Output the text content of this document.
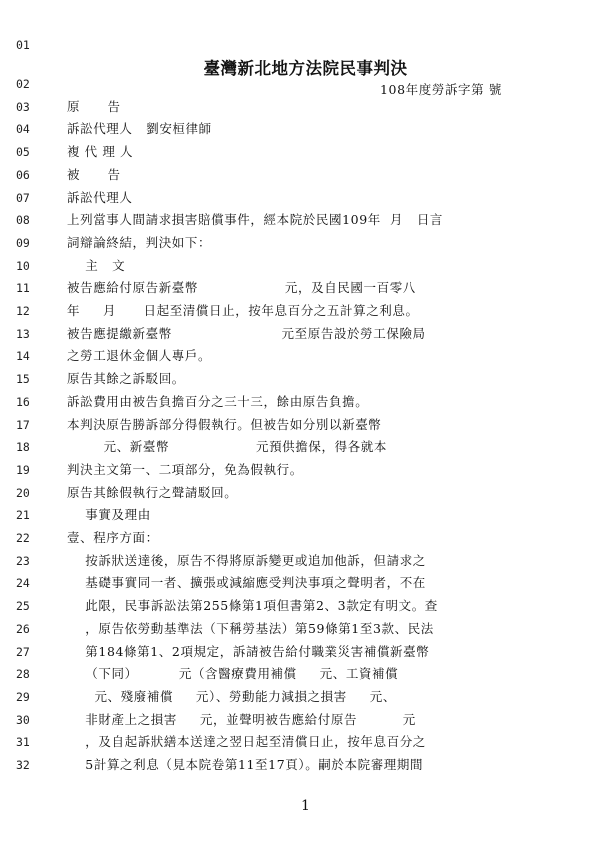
01
臺灣新北地方法院民事判決
108年度勞訴字第 號
02
03	原      告
04	訴訟代理人   劉安桓律師
05	複 代 理 人
06	被      告
07	訴訟代理人
08	上列當事人間請求損害賠償事件，經本院於民國109年  月   日言
09	詞辯論終結，判決如下：
10	主   文
11	被告應給付原告新臺幣                   元，及自民國一百零八
12	年     月      日起至清償日止，按年息百分之五計算之利息。
13	被告應提繳新臺幣                        元至原告設於勞工保險局
14	之勞工退休金個人專戶。
15	原告其餘之訴駁回。
16	訴訟費用由被告負擔百分之三十三，餘由原告負擔。
17	本判決原告勝訴部分得假執行。但被告如分別以新臺幣
18	元、新臺幣                   元預供擔保，得各就本
19	判決主文第一、二項部分，免為假執行。
20	原告其餘假執行之聲請駁回。
21	事實及理由
22	壹、程序方面：
23	按訴狀送達後，原告不得將原訴變更或追加他訴，但請求之
24	基礎事實同一者、擴張或減縮應受判決事項之聲明者，不在
25	此限，民事訴訟法第255條第1項但書第2、3款定有明文。查
26	，原告依勞動基準法（下稱勞基法）第59條第1至3款、民法
27	第184條第1、2項規定，訴請被告給付職業災害補償新臺幣
28	（下同）         元（含醫療費用補償     元、工資補償
29	元、殘廢補償     元）、勞動能力減損之損害     元、
30	非財產上之損害     元，並聲明被告應給付原告          元
31	，及自起訴狀繕本送達之翌日起至清償日止，按年息百分之
32	5計算之利息（見本院卷第11至17頁）。嗣於本院審理期間
1
